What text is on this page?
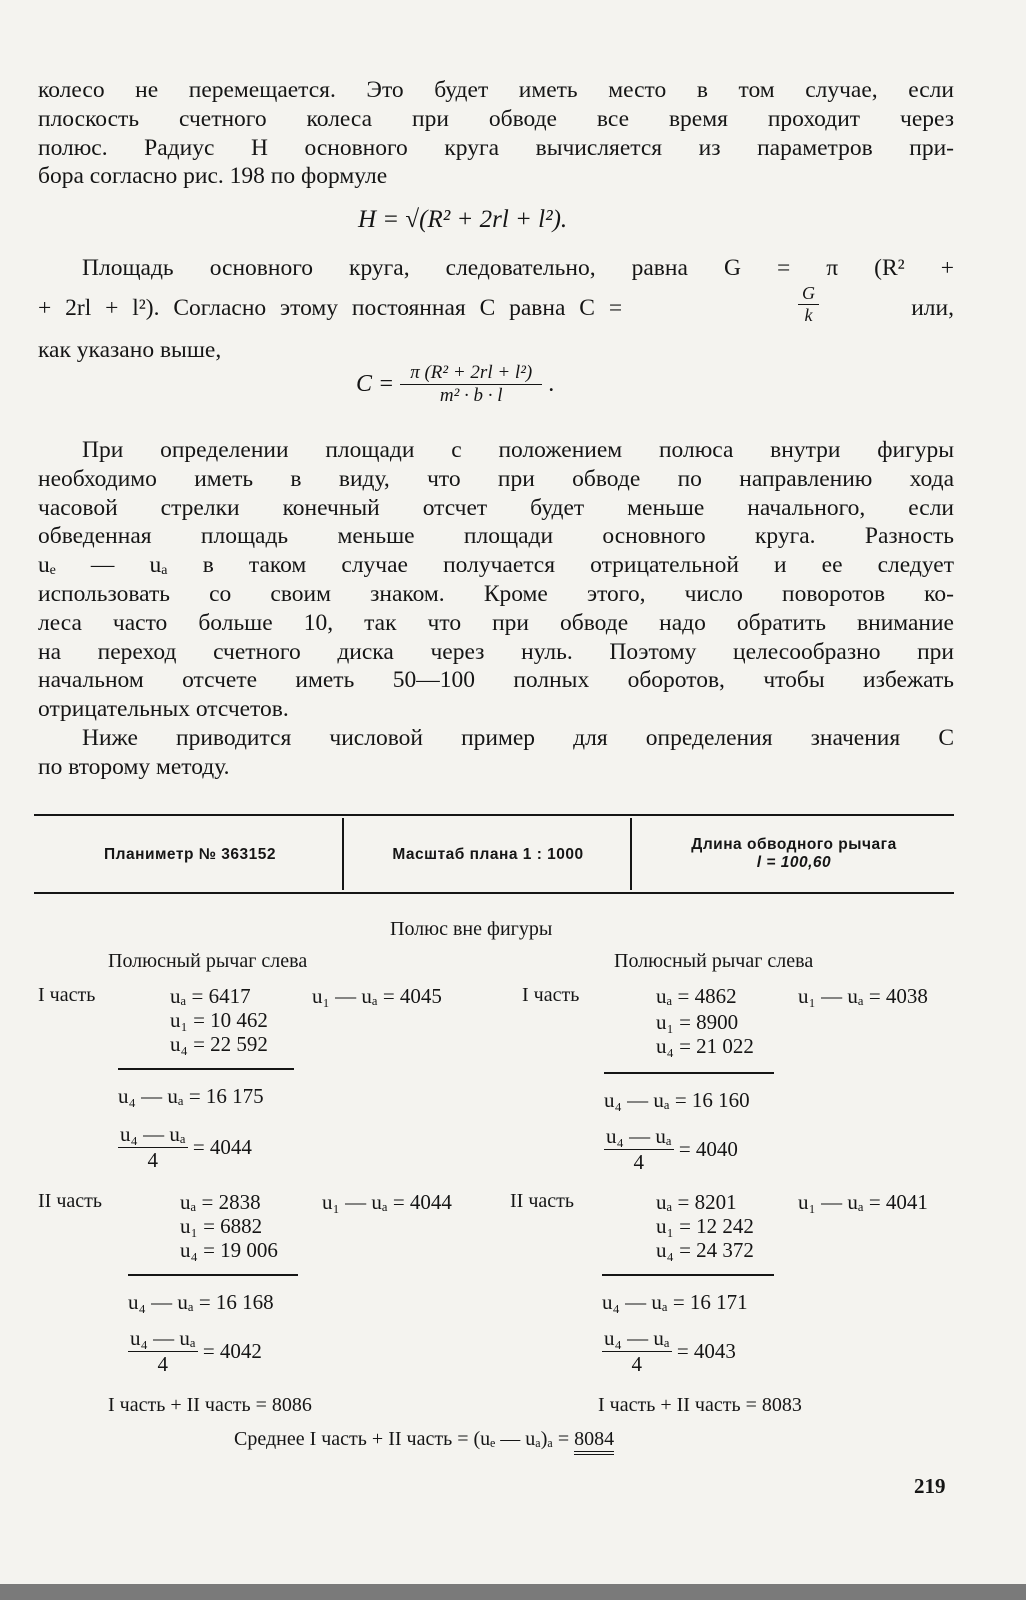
колесо не перемещается. Это будет иметь место в том случае, если
плоскость счетного колеса при обводе все время проходит через
полюс. Радиус H основного круга вычисляется из параметров при-
бора согласно рис. 198 по формуле
H = √(R² + 2rl + l²).
Площадь основного круга, следовательно, равна G = π (R² +
+ 2rl + l²). Согласно этому постоянная C равна C =	$\frac{G}{k}$	или,
как указано выше,
$C = \frac{\text{π (R² + 2rl + l²)}}{\text{m² · b · l}}$ .
При определении площади с положением полюса внутри фигуры
необходимо иметь в виду, что при обводе по направлению хода
часовой стрелки конечный отсчет будет меньше начального, если
обведенная площадь меньше площади основного круга. Разность
uₑ — uₐ в таком случае получается отрицательной и ее следует
использовать со своим знаком. Кроме этого, число поворотов ко-
леса часто больше 10, так что при обводе надо обратить внимание
на переход счетного диска через нуль. Поэтому целесообразно при
начальном отсчете иметь 50—100 полных оборотов, чтобы избежать
отрицательных отсчетов.
Ниже приводится числовой пример для определения значения C
по второму методу.
Планиметр № 363152	Масштаб плана 1 : 1000
Длина обводного рычага
l = 100,60
Полюс вне фигуры
Полюсный рычаг слева
I часть	uₐ = 6417
u₁ = 10 462
u₄ = 22 592
u₁ — uₐ = 4045
u₄ — uₐ = 16 175
$\frac{\text{u₄ — uₐ}}{4} = 4044$
II часть	uₐ = 2838
u₁ = 6882
u₄ = 19 006
u₁ — uₐ = 4044
u₄ — uₐ = 16 168
$\frac{\text{u₄ — uₐ}}{4} = 4042$
I часть + II часть = 8086
Полюсный рычаг слева
I часть	uₐ = 4862
u₁ = 8900
u₄ = 21 022
u₁ — uₐ = 4038
u₄ — uₐ = 16 160
$\frac{\text{u₄ — uₐ}}{4} = 4040$
II часть	uₐ = 8201
u₁ = 12 242
u₄ = 24 372
u₁ — uₐ = 4041
u₄ — uₐ = 16 171
$\frac{\text{u₄ — uₐ}}{4} = 4043$
I часть + II часть = 8083
Среднее I часть + II часть = (uₑ — uₐ)ₐ = 8084
219
